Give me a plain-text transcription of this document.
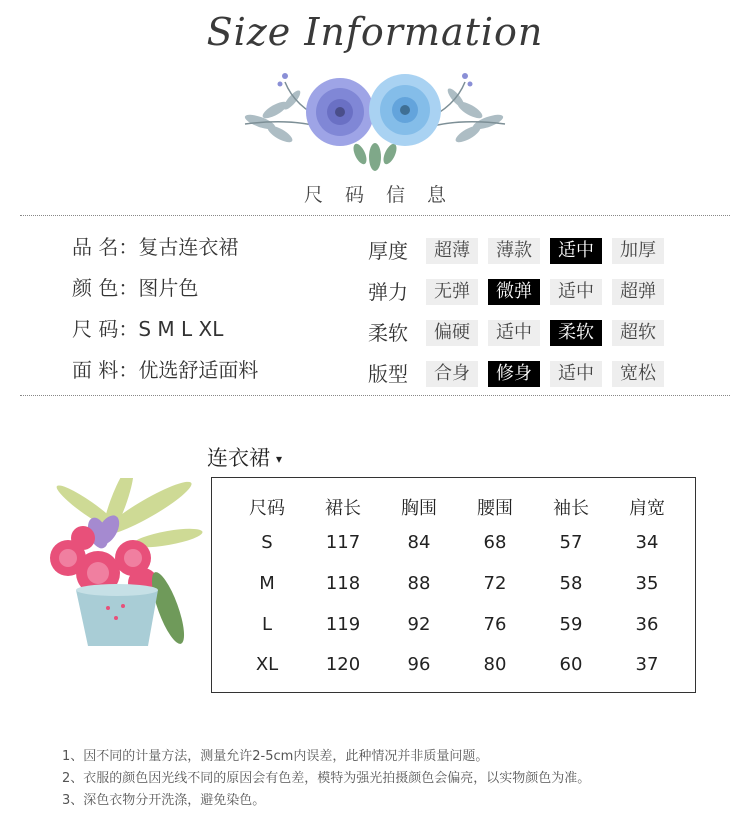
Size Information
尺码信息
品 名：复古连衣裙
颜 色：图片色
尺 码：S M L XL
面 料：优选舒适面料
厚度	超薄	薄款	适中	加厚
弹力	无弹	微弹	适中	超弹
柔软	偏硬	适中	柔软	超软
版型	合身	修身	适中	宽松
连衣裙 ▾
尺码	裙长	胸围	腰围	袖长	肩宽
S	117	84	68	57	34
M	118	88	72	58	35
L	119	92	76	59	36
XL	120	96	80	60	37
1、因不同的计量方法，测量允许2-5cm内误差，此种情况并非质量问题。
2、衣服的颜色因光线不同的原因会有色差，模特为强光拍摄颜色会偏亮，以实物颜色为准。
3、深色衣物分开洗涤，避免染色。
